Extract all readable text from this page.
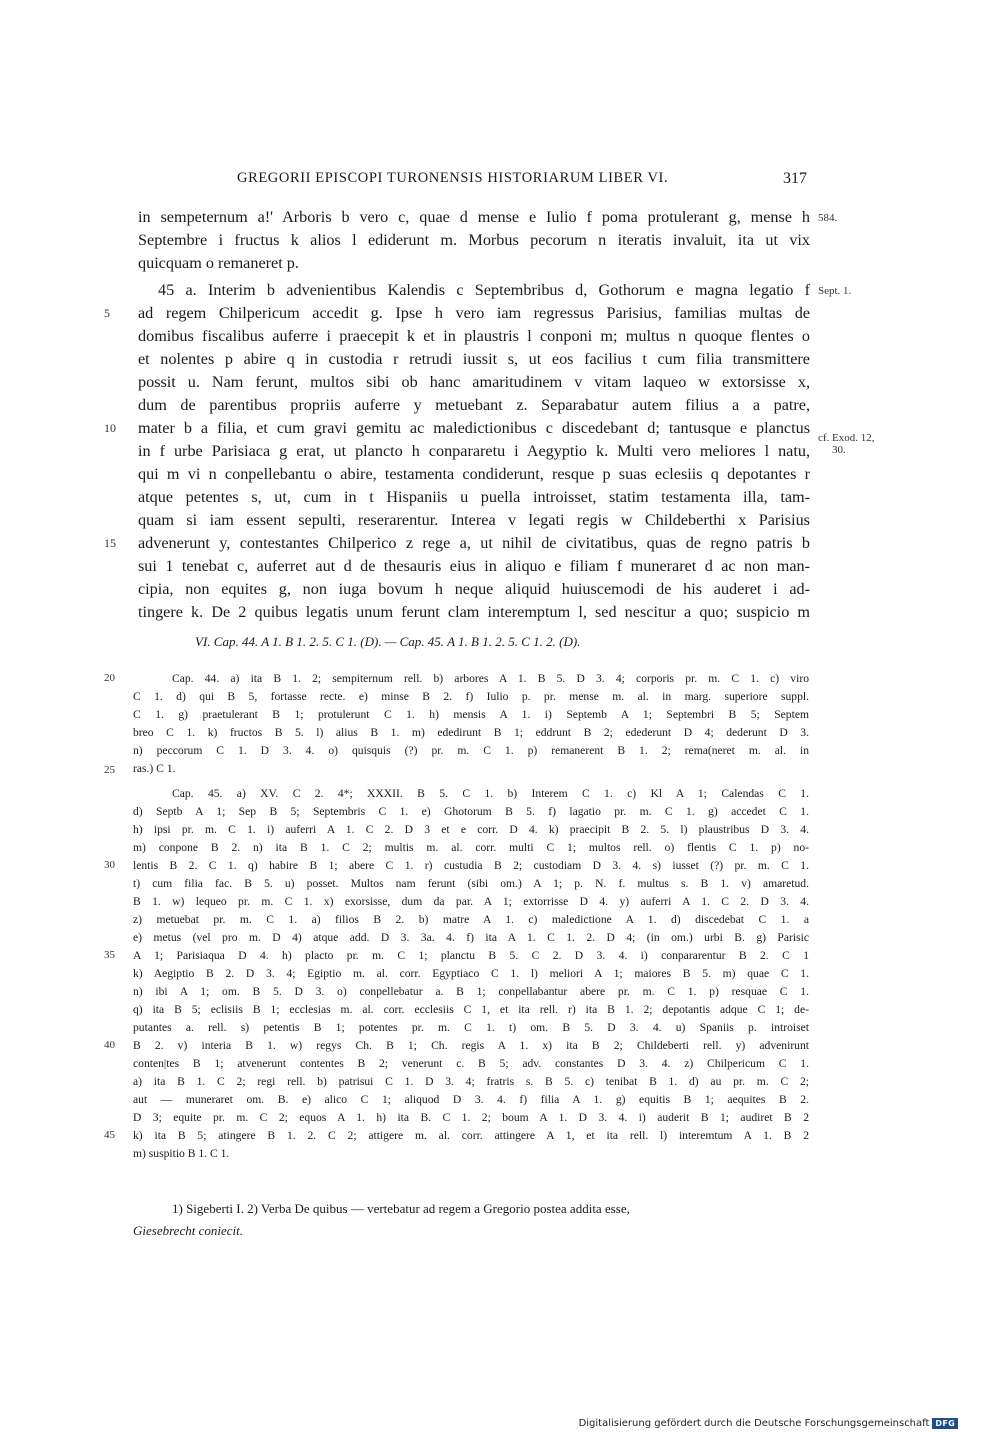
GREGORII EPISCOPI TURONENSIS HISTORIARUM LIBER VI.	317
in sempeternum a!' Arboris b vero c, quae d mense e Iulio f poma protulerant g, mense h
Septembre i fructus k alios l ediderunt m. Morbus pecorum n iteratis invaluit, ita ut vix
quicquam o remaneret p.
45 a. Interim b advenientibus Kalendis c Septembribus d, Gothorum e magna legatio f
ad regem Chilpericum accedit g. Ipse h vero iam regressus Parisius, familias multas de
domibus fiscalibus auferre i praecepit k et in plaustris l conponi m; multus n quoque flentes o
et nolentes p abire q in custodia r retrudi iussit s, ut eos facilius t cum filia transmittere
possit u. Nam ferunt, multos sibi ob hanc amaritudinem v vitam laqueo w extorsisse x,
dum de parentibus propriis auferre y metuebant z. Separabatur autem filius a a patre,
mater b a filia, et cum gravi gemitu ac maledictionibus c discedebant d; tantusque e planctus
in f urbe Parisiaca g erat, ut plancto h conpararetu i Aegyptio k. Multi vero meliores l natu,
qui m vi n conpellebantu o abire, testamenta condiderunt, resque p suas eclesiis q depotantes r
atque petentes s, ut, cum in t Hispaniis u puella introisset, statim testamenta illa, tam-
quam si iam essent sepulti, reserarentur. Interea v legati regis w Childeberthi x Parisius
advenerunt y, contestantes Chilperico z rege a, ut nihil de civitatibus, quas de regno patris b
sui 1 tenebat c, auferret aut d de thesauris eius in aliquo e filiam f muneraret d ac non man-
cipia, non equites g, non iuga bovum h neque aliquid huiuscemodi de his auderet i ad-
tingere k. De 2 quibus legatis unum ferunt clam interemptum l, sed nescitur a quo; suspicio m
5
10
15
584.
Sept. 1.
cf. Exod. 12,
30.
VI. Cap. 44. A 1. B 1. 2. 5. C 1. (D). — Cap. 45. A 1. B 1. 2. 5. C 1. 2. (D).
Cap. 44. a) ita B 1. 2; sempiternum rell. b) arbores A 1. B 5. D 3. 4; corporis pr. m. C 1. c) viro
C 1. d) qui B 5, fortasse recte. e) minse B 2. f) Iulio p. pr. mense m. al. in marg. superiore suppl.
C 1. g) praetulerant B 1; protulerunt C 1. h) mensis A 1. i) Septemb A 1; Septembri B 5; Septem
breo C 1. k) fructos B 5. l) alius B 1. m) ededirunt B 1; eddrunt B 2; edederunt D 4; dederunt D 3.
n) peccorum C 1. D 3. 4. o) quisquis (?) pr. m. C 1. p) remanerent B 1. 2; rema(neret m. al. in
ras.) C 1.
Cap. 45. a) XV. C 2. 4*; XXXII. B 5. C 1. b) Interem C 1. c) Kl A 1; Calendas C 1.
d) Septb A 1; Sep B 5; Septembris C 1. e) Ghotorum B 5. f) lagatio pr. m. C 1. g) accedet C 1.
h) ipsi pr. m. C 1. i) auferri A 1. C 2. D 3 et e corr. D 4. k) praecipit B 2. 5. l) plaustribus D 3. 4.
m) conpone B 2. n) ita B 1. C 2; multis m. al. corr. multi C 1; multos rell. o) flentis C 1. p) no-
lentis B 2. C 1. q) habire B 1; abere C 1. r) custudia B 2; custodiam D 3. 4. s) iusset (?) pr. m. C 1.
t) cum filia fac. B 5. u) posset. Multos nam ferunt (sibi om.) A 1; p. N. f. multus s. B 1. v) amaretud.
B 1. w) lequeo pr. m. C 1. x) exorsisse, dum da par. A 1; extorrisse D 4. y) auferri A 1. C 2. D 3. 4.
z) metuebat pr. m. C 1. a) filios B 2. b) matre A 1. c) maledictione A 1. d) discedebat C 1. a
e) metus (vel pro m. D 4) atque add. D 3. 3a. 4. f) ita A 1. C 1. 2. D 4; (in om.) urbi B. g) Parisic
A 1; Parisiaqua D 4. h) placto pr. m. C 1; planctu B 5. C 2. D 3. 4. i) conpararentur B 2. C 1
k) Aegiptio B 2. D 3. 4; Egiptio m. al. corr. Egyptiaco C 1. l) meliori A 1; maiores B 5. m) quae C 1.
n) ibi A 1; om. B 5. D 3. o) conpellebatur a. B 1; conpellabantur abere pr. m. C 1. p) resquae C 1.
q) ita B 5; eclisiis B 1; ecclesias m. al. corr. ecclesiis C 1, et ita rell. r) ita B 1. 2; depotantis adque C 1; de-
putantes a. rell. s) petentis B 1; potentes pr. m. C 1. t) om. B 5. D 3. 4. u) Spaniis p. introiset
B 2. v) interia B 1. w) regys Ch. B 1; Ch. regis A 1. x) ita B 2; Childeberti rell. y) advenirunt
conten|tes B 1; atvenerunt contentes B 2; venerunt c. B 5; adv. constantes D 3. 4. z) Chilpericum C 1.
a) ita B 1. C 2; regi rell. b) patrisui C 1. D 3. 4; fratris s. B 5. c) tenibat B 1. d) au pr. m. C 2;
aut — muneraret om. B. e) alico C 1; aliquod D 3. 4. f) filia A 1. g) equitis B 1; aequites B 2.
D 3; equite pr. m. C 2; equos A 1. h) ita B. C 1. 2; boum A 1. D 3. 4. i) auderit B 1; audiret B 2
k) ita B 5; atingere B 1. 2. C 2; attigere m. al. corr. attingere A 1, et ita rell. l) interemtum A 1. B 2
m) suspitio B 1. C 1.
20
25
30
35
40
45
1) Sigeberti I. 2) Verba De quibus — vertebatur ad regem a Gregorio postea addita esse,
Giesebrecht coniecit.
Digitalisierung gefördert durch die Deutsche Forschungsgemeinschaft DFG
